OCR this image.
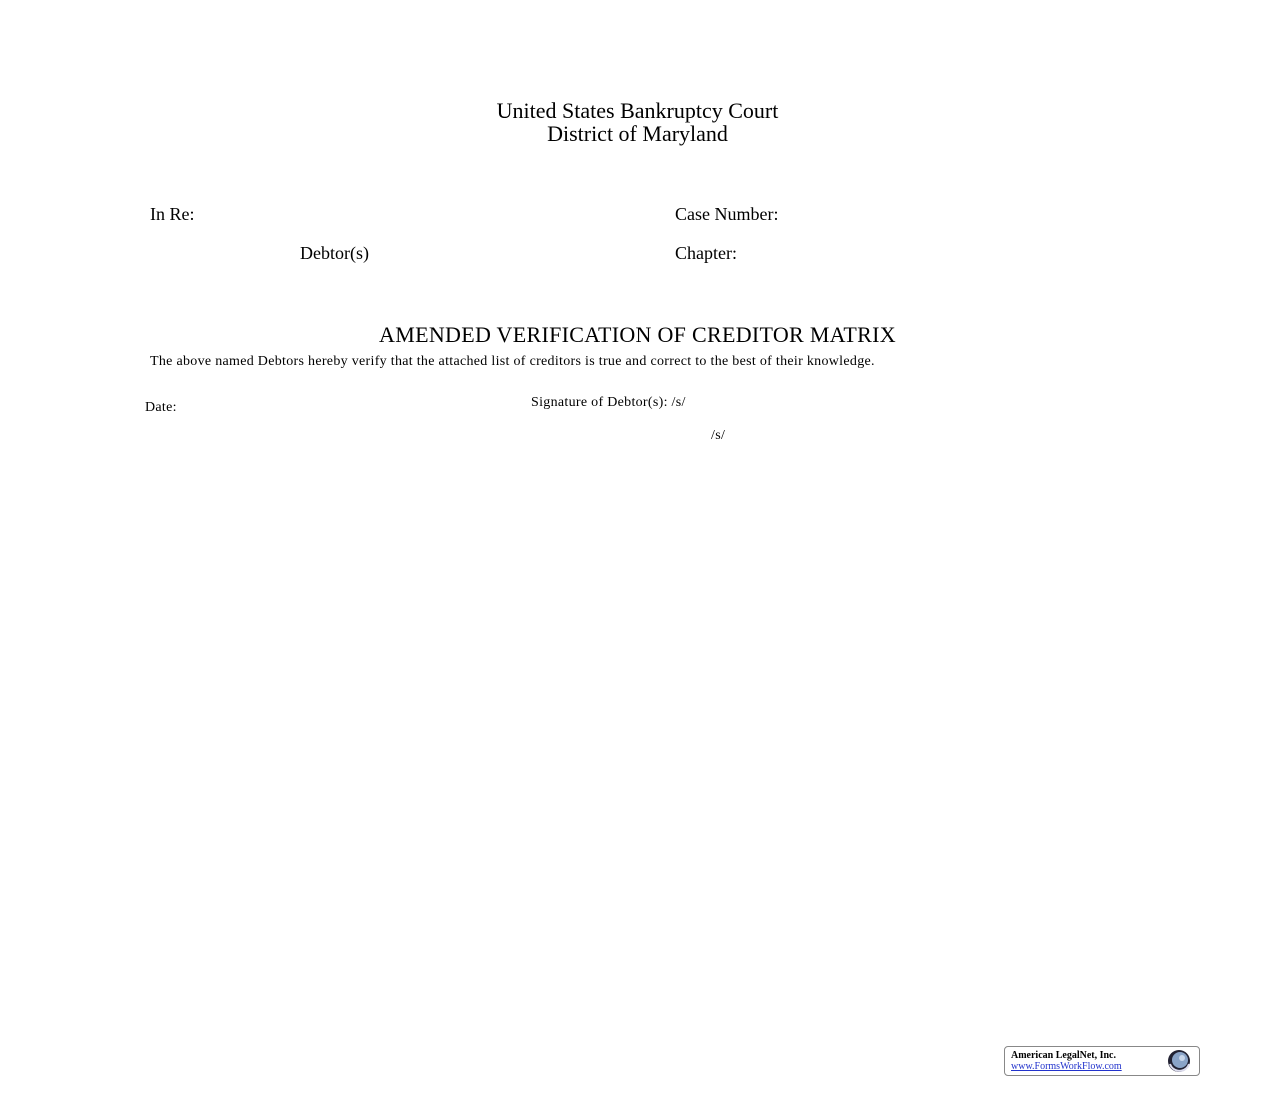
United States Bankruptcy Court
District of Maryland
In Re:
Debtor(s)
Case Number:
Chapter:
AMENDED VERIFICATION OF CREDITOR MATRIX
The above named Debtors hereby verify that the attached list of creditors is true and correct to the best of their knowledge.
Date:	Signature of Debtor(s): /s/
/s/
American LegalNet, Inc.
www.FormsWorkFlow.com
